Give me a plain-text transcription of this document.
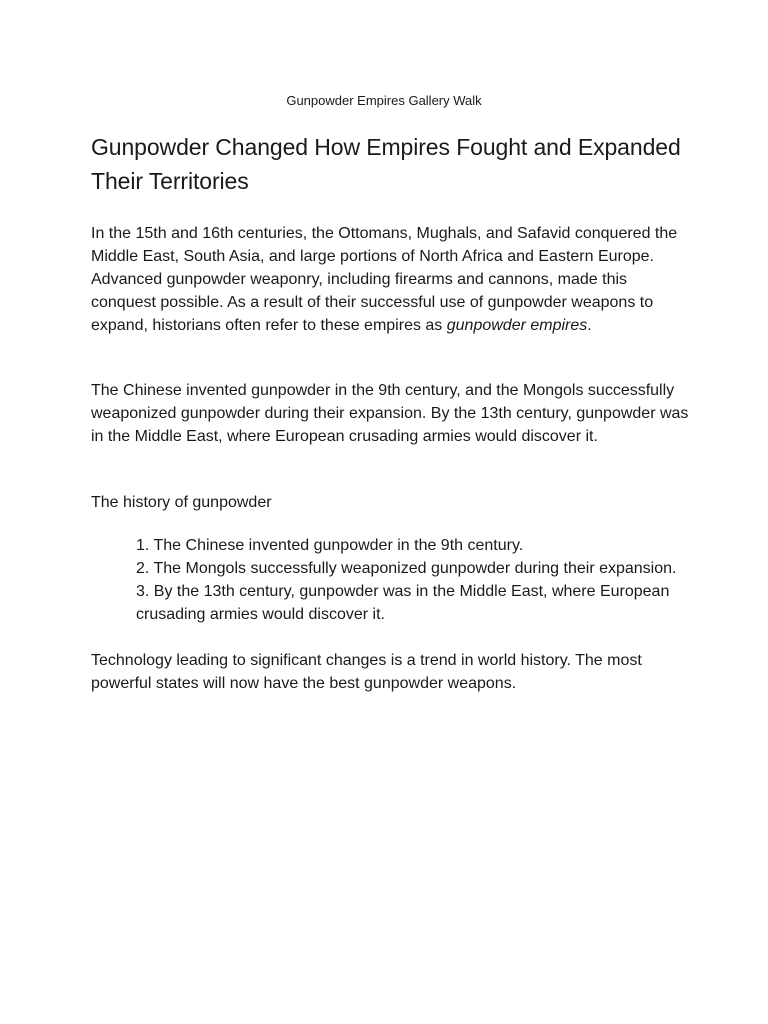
Gunpowder Empires Gallery Walk
Gunpowder Changed How Empires Fought and Expanded Their Territories

In the 15th and 16th centuries, the Ottomans, Mughals, and Safavid conquered the Middle East, South Asia, and large portions of North Africa and Eastern Europe. Advanced gunpowder weaponry, including firearms and cannons, made this conquest possible. As a result of their successful use of gunpowder weapons to expand, historians often refer to these empires as gunpowder empires.

The Chinese invented gunpowder in the 9th century, and the Mongols successfully weaponized gunpowder during their expansion. By the 13th century, gunpowder was in the Middle East, where European crusading armies would discover it.

The history of gunpowder

1. The Chinese invented gunpowder in the 9th century.
2. The Mongols successfully weaponized gunpowder during their expansion.
3. By the 13th century, gunpowder was in the Middle East, where European crusading armies would discover it.

Technology leading to significant changes is a trend in world history. The most powerful states will now have the best gunpowder weapons.
